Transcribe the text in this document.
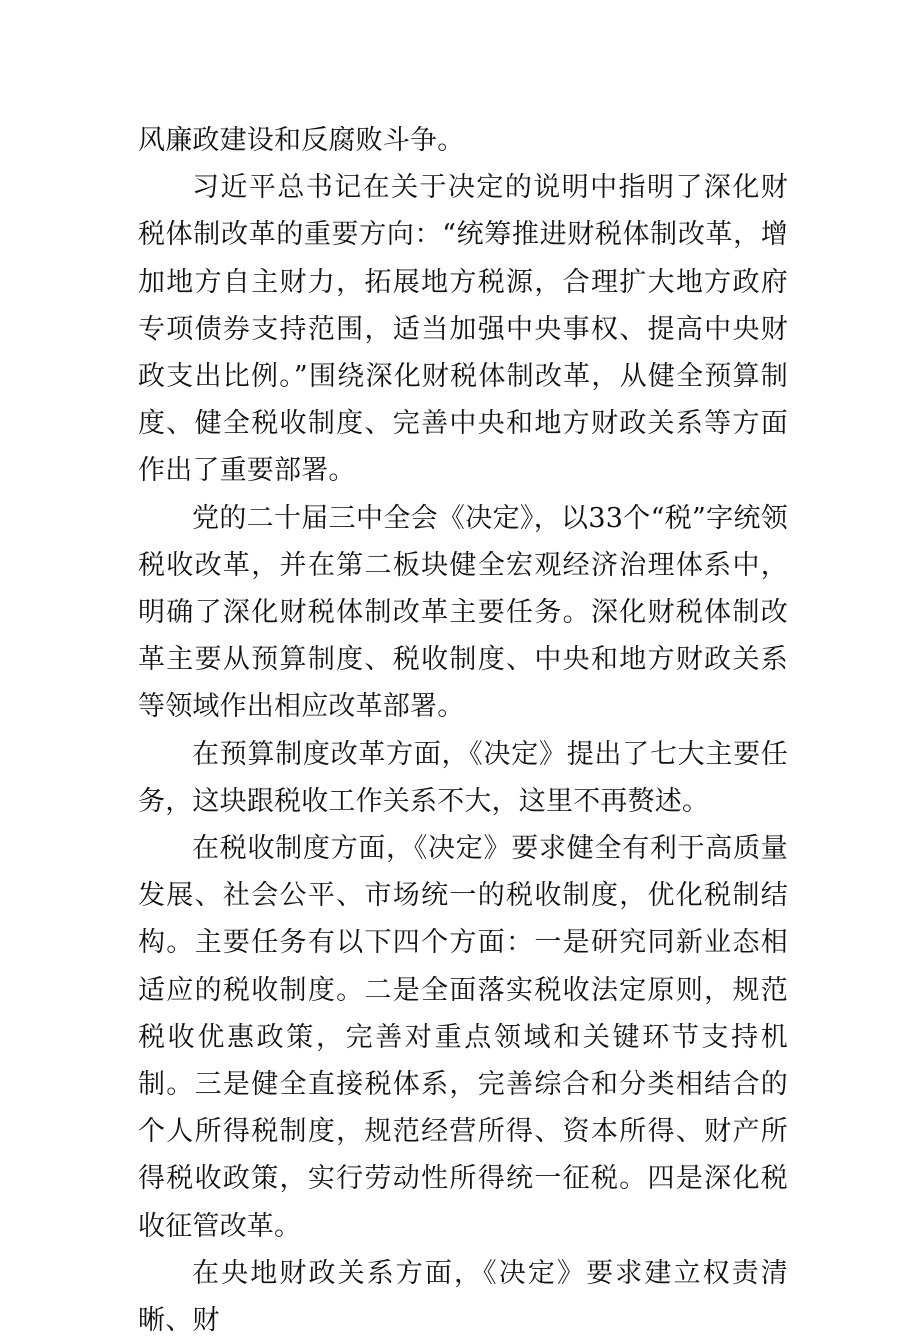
风廉政建设和反腐败斗争。

习近平总书记在关于决定的说明中指明了深化财税体制改革的重要方向：“统筹推进财税体制改革，增加地方自主财力，拓展地方税源，合理扩大地方政府专项债券支持范围，适当加强中央事权、提高中央财政支出比例。”围绕深化财税体制改革，从健全预算制度、健全税收制度、完善中央和地方财政关系等方面作出了重要部署。

党的二十届三中全会《决定》，以33个“税”字统领税收改革，并在第二板块健全宏观经济治理体系中，明确了深化财税体制改革主要任务。深化财税体制改革主要从预算制度、税收制度、中央和地方财政关系等领域作出相应改革部署。

在预算制度改革方面，《决定》提出了七大主要任务，这块跟税收工作关系不大，这里不再赘述。

在税收制度方面，《决定》要求健全有利于高质量发展、社会公平、市场统一的税收制度，优化税制结构。主要任务有以下四个方面：一是研究同新业态相适应的税收制度。二是全面落实税收法定原则，规范税收优惠政策，完善对重点领域和关键环节支持机制。三是健全直接税体系，完善综合和分类相结合的个人所得税制度，规范经营所得、资本所得、财产所得税收政策，实行劳动性所得统一征税。四是深化税收征管改革。

在央地财政关系方面，《决定》要求建立权责清晰、财
